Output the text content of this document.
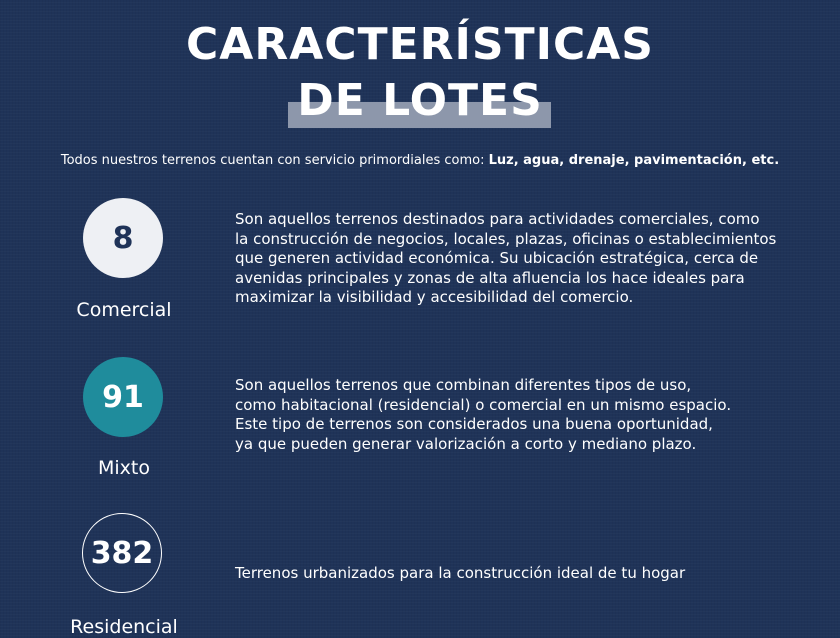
CARACTERÍSTICAS
DE LOTES
Todos nuestros terrenos cuentan con servicio primordiales como: Luz, agua, drenaje, pavimentación, etc.
8
Comercial
Son aquellos terrenos destinados para actividades comerciales, como
la construcción de negocios, locales, plazas, oficinas o establecimientos
que generen actividad económica. Su ubicación estratégica, cerca de
avenidas principales y zonas de alta afluencia los hace ideales para
maximizar la visibilidad y accesibilidad del comercio.
91
Mixto
Son aquellos terrenos que combinan diferentes tipos de uso,
como habitacional (residencial) o comercial en un mismo espacio.
Este tipo de terrenos son considerados una buena oportunidad,
ya que pueden generar valorización a corto y mediano plazo.
382
Residencial
Terrenos urbanizados para la construcción ideal de tu hogar
